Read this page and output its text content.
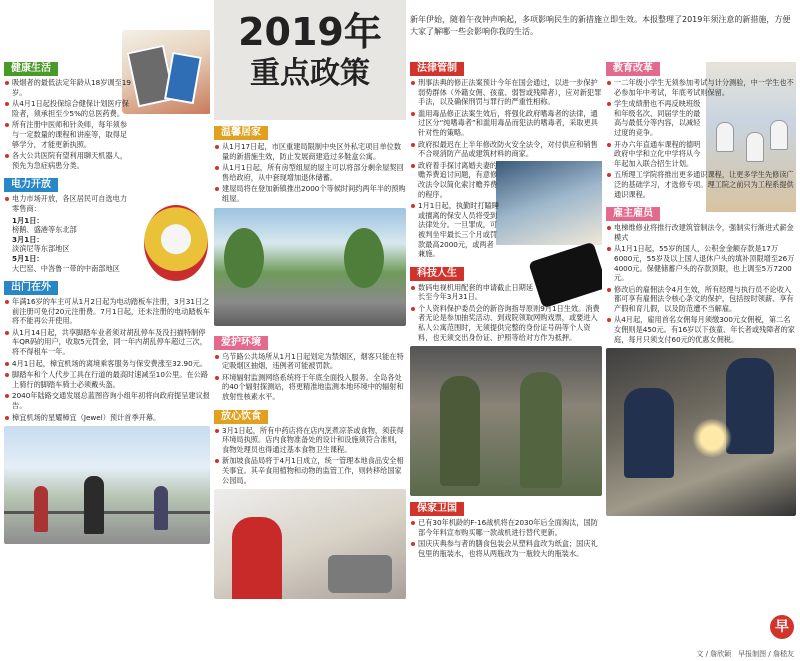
健康生活
吸烟者的最低法定年龄从18岁调至19岁。
从4月1日起投保综合健保计划医疗保险者，须承担至少5%的总医药费。
所有注册中医师和针灸师，每年须参与一定数量的课程和讲座等，取得足够学分，才能更新执照。
各大公共医院有望利用聊天机器人，预先为急症病患分类。
电力开放
电力市场开放，各区居民可自选电力零售商：
1月1日：
榜鹅、盛港等东北部
3月1日：
淡滨尼等东部地区
5月1日：
大巴窑、中峇鲁一带的中南部地区
出门在外
年满16岁的车主可从1月2日起为电动踏板车注册，3月31日之前注册可免付20元注册费。7月1日起，还未注册的电动踏板车将不能再公开使用。
从1月14日起，共享脚踏车业者须对胡乱停车及没扫描特制停车QR码的用户，收取5元罚金，同一年内胡乱停车超过三次，将不得租车一年。
4月1日起，樟宜机场的离境乘客服务与保安费涨至32.90元。
脚踏车和个人代步工具在行道的最高时速减至10公里。在公路上骑行的脚踏车骑士必须戴头盔。
2040年陆路交通发展总蓝图咨询小组年初将向政府提呈建议报告。
樟宜机场的星耀樟宜（Jewel）预计首季开幕。
2019年
重点政策
温馨居家
从1月17日起，市区重建局限制中央区外私宅项目单位数量的新措施生效，防止发展商建造过多鞋盒公寓。
从1月1日起，所有房型组屋的屋主可以将部分剩余屋契回售给政府，从中套现增加退休储蓄。
建屋局将在登加新镇推出2000个等候时间约两年半的预购组屋。
爱护环境
乌节路公共场所从1月1日起划定为禁烟区，烟客只能在特定吸烟区抽烟，违例者可能被罚款。
环境辐射监测网络系统将于年底全面投入服务。全岛各处的40个辐射探测站，将更精准地监测本地环境中的辐射和放射性核素水平。
放心饮食
3月1日起，所有中药店将在店内烹煮凉茶或食物，须获得环境局执照。店内食物准备处的设计和设施须符合准则，食物处理员也得通过基本食物卫生课程。
新加坡食品局将于4月1日成立，统一管理本地食品安全相关事宜。其辛食用植物和动物的监管工作，则转移给国家公园局。
新年伊始，随着午夜钟声响起，多项影响民生的新措施立即生效。本报整理了2019年须注意的新措施，方便大家了解哪一些会影响你我的生活。
法律管制
刑事法典的修正法案预计今年在国会通过，以进一步保护弱势群体（外籍女佣、孩童、弱智或残障者），应对新犯罪手法，以及确保刑罚与罪行的严重性相称。
滥用毒品修正法案生效后，将强化政府嗜毒者的法律，通过区分“纯嗜毒者”和滥用毒品而犯法的嗜毒者，采取更具针对性的策略。
政府拟最迟在上半年修改防火安全法令，对付供应和销售不合规消防产品或建筑材料的商家。
政府着手探讨离婚夫妻的赡养费追讨问题，有意修改法令以简化索讨赡养费的程序。
1月1日起，执勤时打瞌睡或擅离的保安人员将受到法律处分。一旦罪成，可被判坐牢最长三个月或罚款最高2000元，或两者兼施。
科技人生
数码电视机用配套的申请截止日期延长至今年3月31日。
个人资料保护委员会的新咨询指导原则9月1日生效。消费者无论是参加抽奖活动、到戏院领取网购戏票，或要进入私人公寓范围时，无须提供完整的身份证号码等个人资料，也无须交出身份证、护照等给对方作为抵押。
保家卫国
已有30年机龄的F-16战机将在2030年后全面淘汰，国防部今年料宣布购买哪一款战机进行替代更新。
国庆庆典参与者的膳食包装会从塑料盒改为纸盒；国庆礼包里的瓶装水，也将从两瓶改为一瓶较大的瓶装水。
教育改革
一二年级小学生无须参加考试与计分测验，中一学生也不必参加年中考试，年底考试则保留。
学生成绩册也不再反映班级和年级名次、同届学生的最高与最低分等内容，以减轻过度的竞争。
开办六年直通车课程的德明政府中学和立化中学将从今年起加入联合招生计划。
五所理工学院将推出更多通识课程，让更多学生先修读广泛的基础学习，才选修专项。理工院之前只为工程系提供通识课程。
雇主雇员
电梯维修业将推行改建筑管制法令，强制实行渐进式薪金模式
从1月1日起，55岁的国人，公积金金额存款是17万6000元，55岁及以上国人退休户头的填补顶限增至26万4000元。保健储蓄户头的存款顶限，也上调至5万7200元。
修改后的雇佣法令4月生效，所有经理与执行员不论收入都可享有雇佣法令核心条文的保护，包括按时领薪、享有产假和育儿假，以及防范遭不当解雇。
从4月起，雇用首名女佣每月须缴300元女佣税，第二名女佣则是450元。有16岁以下孩童、年长者或残障者的家庭，每月只须支付60元的优惠女佣税。
早
文 / 詹欣颖　早报制图 / 詹嵇友
